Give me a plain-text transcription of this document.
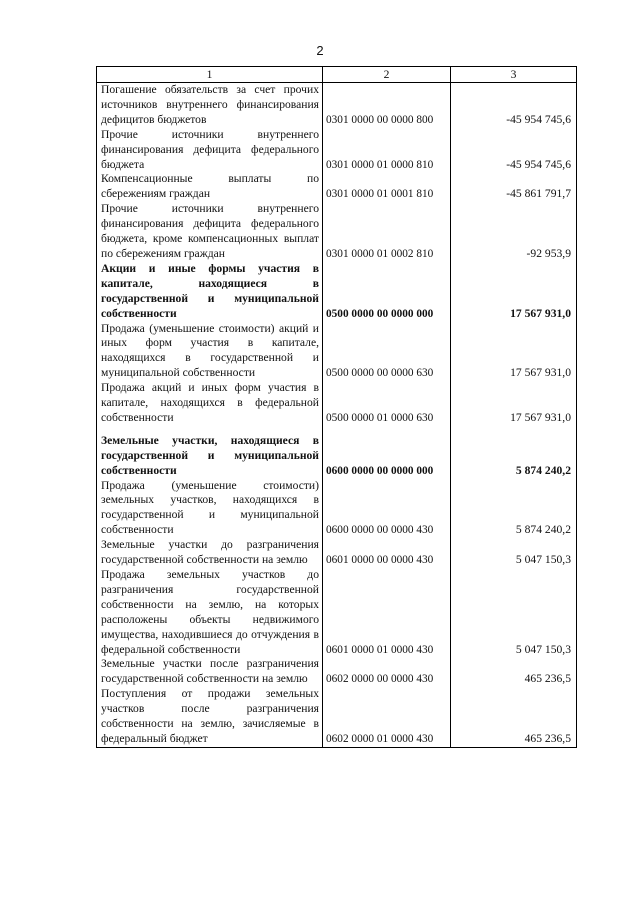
2
1	2	3
Погашение обязательств за счет прочих источников внутреннего финансирования дефицитов бюджетов	0301 0000 00 0000 800	-45 954 745,6
Прочие источники внутреннего финансирования дефицита федерального бюджета	0301 0000 01 0000 810	-45 954 745,6
Компенсационные выплаты по сбережениям граждан	0301 0000 01 0001 810	-45 861 791,7
Прочие источники внутреннего финансирования дефицита федерального бюджета, кроме компенсационных выплат по сбережениям граждан	0301 0000 01 0002 810	-92 953,9
Акции и иные формы участия в капитале, находящиеся в государственной и муниципальной собственности	0500 0000 00 0000 000	17 567 931,0
Продажа (уменьшение стоимости) акций и иных форм участия в капитале, находящихся в государственной и муниципальной собственности	0500 0000 00 0000 630	17 567 931,0
Продажа акций и иных форм участия в капитале, находящихся в федеральной собственности	0500 0000 01 0000 630	17 567 931,0
Земельные участки, находящиеся в государственной и муниципальной собственности	0600 0000 00 0000 000	5 874 240,2
Продажа (уменьшение стоимости) земельных участков, находящихся в государственной и муниципальной собственности	0600 0000 00 0000 430	5 874 240,2
Земельные участки до разграничения государственной собственности на землю	0601 0000 00 0000 430	5 047 150,3
Продажа земельных участков до разграничения государственной собственности на землю, на которых расположены объекты недвижимого имущества, находившиеся до отчуждения в федеральной собственности	0601 0000 01 0000 430	5 047 150,3
Земельные участки после разграничения государственной собственности на землю	0602 0000 00 0000 430	465 236,5
Поступления от продажи земельных участков после разграничения собственности на землю, зачисляемые в федеральный бюджет	0602 0000 01 0000 430	465 236,5
